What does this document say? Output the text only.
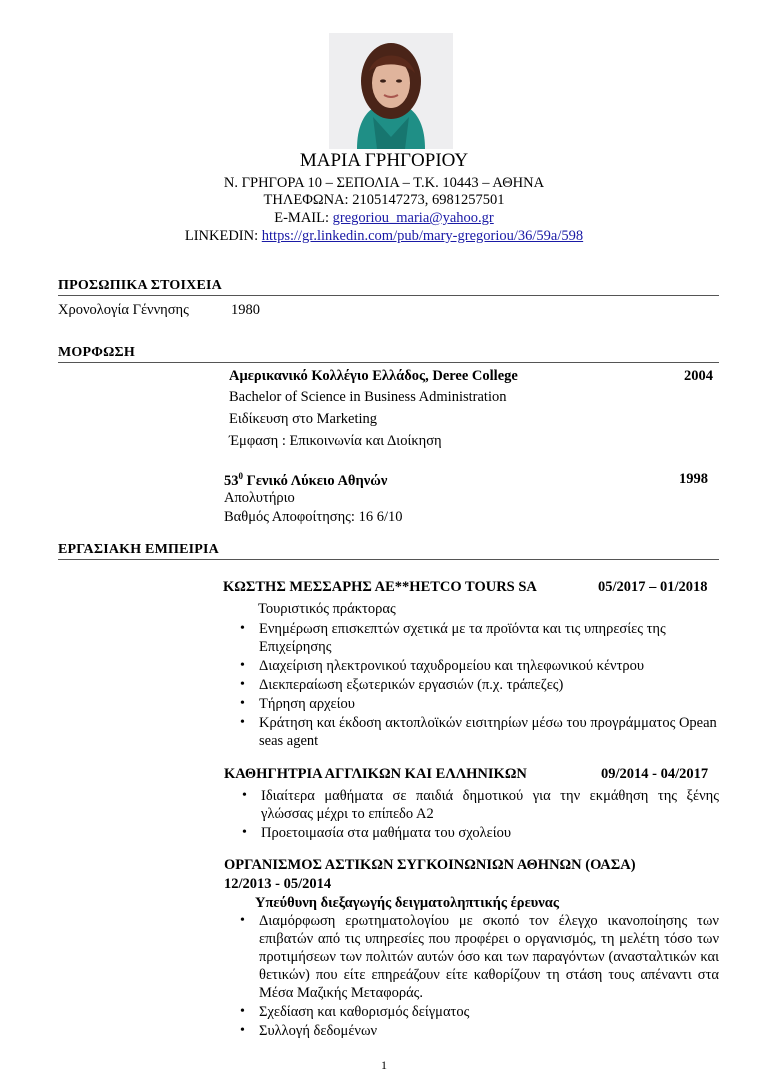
ΜΑΡΙΑ ΓΡΗΓΟΡΙΟΥ
Ν. ΓΡΗΓΟΡΑ 10 – ΣΕΠΟΛΙΑ – Τ.Κ. 10443 – ΑΘΗΝΑ
ΤΗΛΕΦΩΝΑ: 2105147273, 6981257501
E-MAIL: gregoriou_maria@yahoo.gr
LINKEDIN: https://gr.linkedin.com/pub/mary-gregoriou/36/59a/598
ΠΡΟΣΩΠΙΚΑ ΣΤΟΙΧΕΙΑ
Χρονολογία Γέννησης	1980
ΜΟΡΦΩΣΗ
Αμερικανικό Κολλέγιο Ελλάδος, Deree College	2004
Bachelor of Science in Business Administration
Ειδίκευση στο Marketing
Έμφαση : Επικοινωνία και Διοίκηση
$53^0$ Γενικό Λύκειο Αθηνών	1998
Απολυτήριο
Βαθμός Αποφοίτησης: 16 6/10
ΕΡΓΑΣΙΑΚΗ ΕΜΠΕΙΡΙΑ
ΚΩΣΤΗΣ ΜΕΣΣΑΡΗΣ ΑΕ**HETCO TOURS SA	05/2017 – 01/2018
Τουριστικός πράκτορας
• Ενημέρωση επισκεπτών σχετικά με τα προϊόντα και τις υπηρεσίες της Επιχείρησης
• Διαχείριση ηλεκτρονικού ταχυδρομείου και τηλεφωνικού κέντρου
• Διεκπεραίωση εξωτερικών εργασιών (π.χ. τράπεζες)
• Τήρηση αρχείου
• Κράτηση και έκδοση ακτοπλοϊκών εισιτηρίων μέσω του προγράμματος Opean seas agent
ΚΑΘΗΓΗΤΡΙΑ ΑΓΓΛΙΚΩΝ ΚΑΙ ΕΛΛΗΝΙΚΩΝ	09/2014 - 04/2017
• Ιδιαίτερα μαθήματα σε παιδιά δημοτικού για την εκμάθηση της ξένης γλώσσας μέχρι το επίπεδο Α2
• Προετοιμασία στα μαθήματα του σχολείου
ΟΡΓΑΝΙΣΜΟΣ ΑΣΤΙΚΩΝ ΣΥΓΚΟΙΝΩΝΙΩΝ ΑΘΗΝΩΝ (ΟΑΣΑ)
12/2013 - 05/2014
Υπεύθυνη διεξαγωγής δειγματοληπτικής έρευνας
• Διαμόρφωση ερωτηματολογίου με σκοπό τον έλεγχο ικανοποίησης των επιβατών από τις υπηρεσίες που προφέρει ο οργανισμός, τη μελέτη τόσο των προτιμήσεων των πολιτών αυτών όσο και των παραγόντων (ανασταλτικών και θετικών) που είτε επηρεάζουν είτε καθορίζουν τη στάση τους απέναντι στα Μέσα Μαζικής Μεταφοράς.
• Σχεδίαση και καθορισμός δείγματος
• Συλλογή δεδομένων
1
